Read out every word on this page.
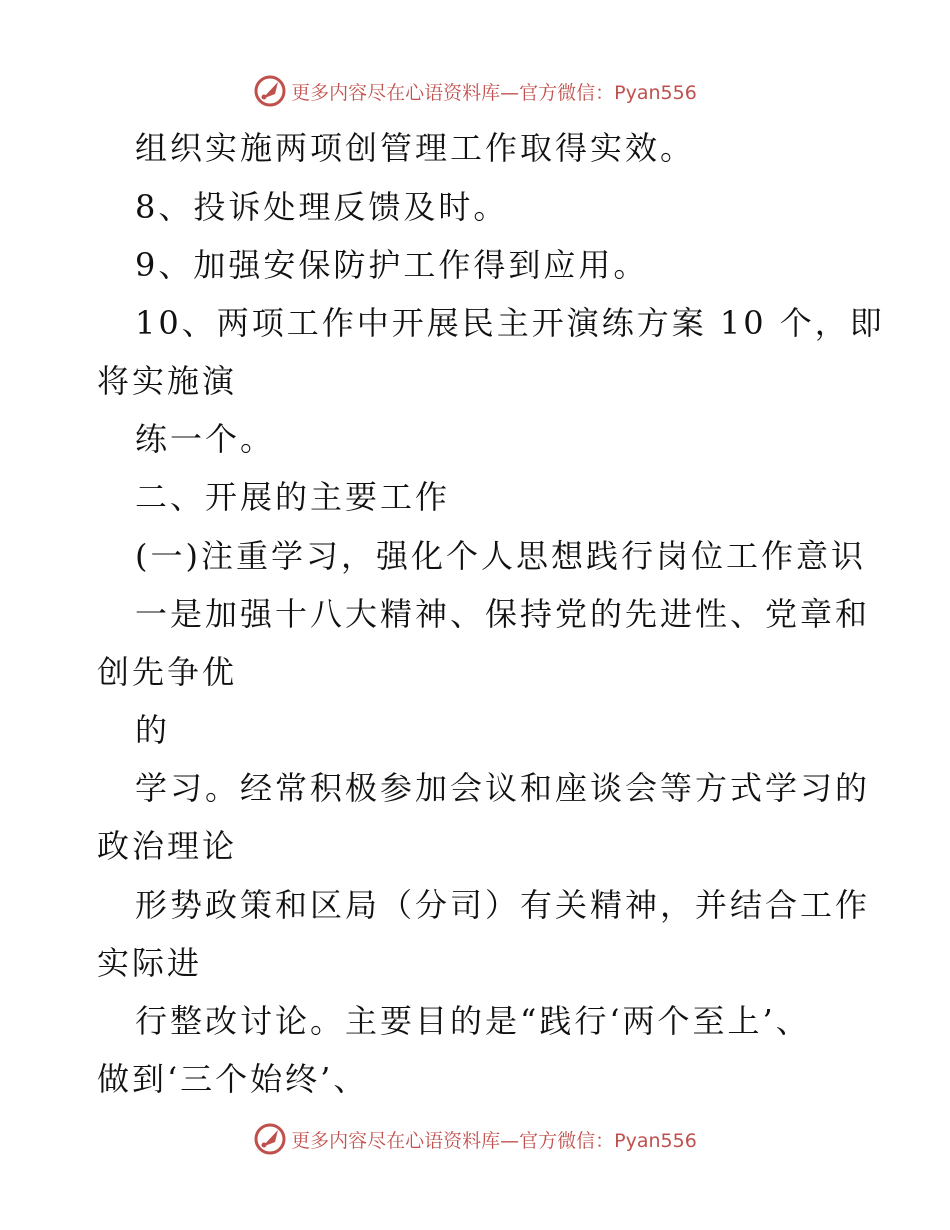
更多内容尽在心语资料库—官方微信：Pyan556
组织实施两项创管理工作取得实效。
8、投诉处理反馈及时。
9、加强安保防护工作得到应用。
10、两项工作中开展民主开演练方案 10 个，即
将实施演
练一个。
二、开展的主要工作
(一)注重学习，强化个人思想践行岗位工作意识
一是加强十八大精神、保持党的先进性、党章和
创先争优
的
学习。经常积极参加会议和座谈会等方式学习的
政治理论
形势政策和区局（分司）有关精神，并结合工作
实际进
行整改讨论。主要目的是“践行‘两个至上’、
做到‘三个始终’、
更多内容尽在心语资料库—官方微信：Pyan556
